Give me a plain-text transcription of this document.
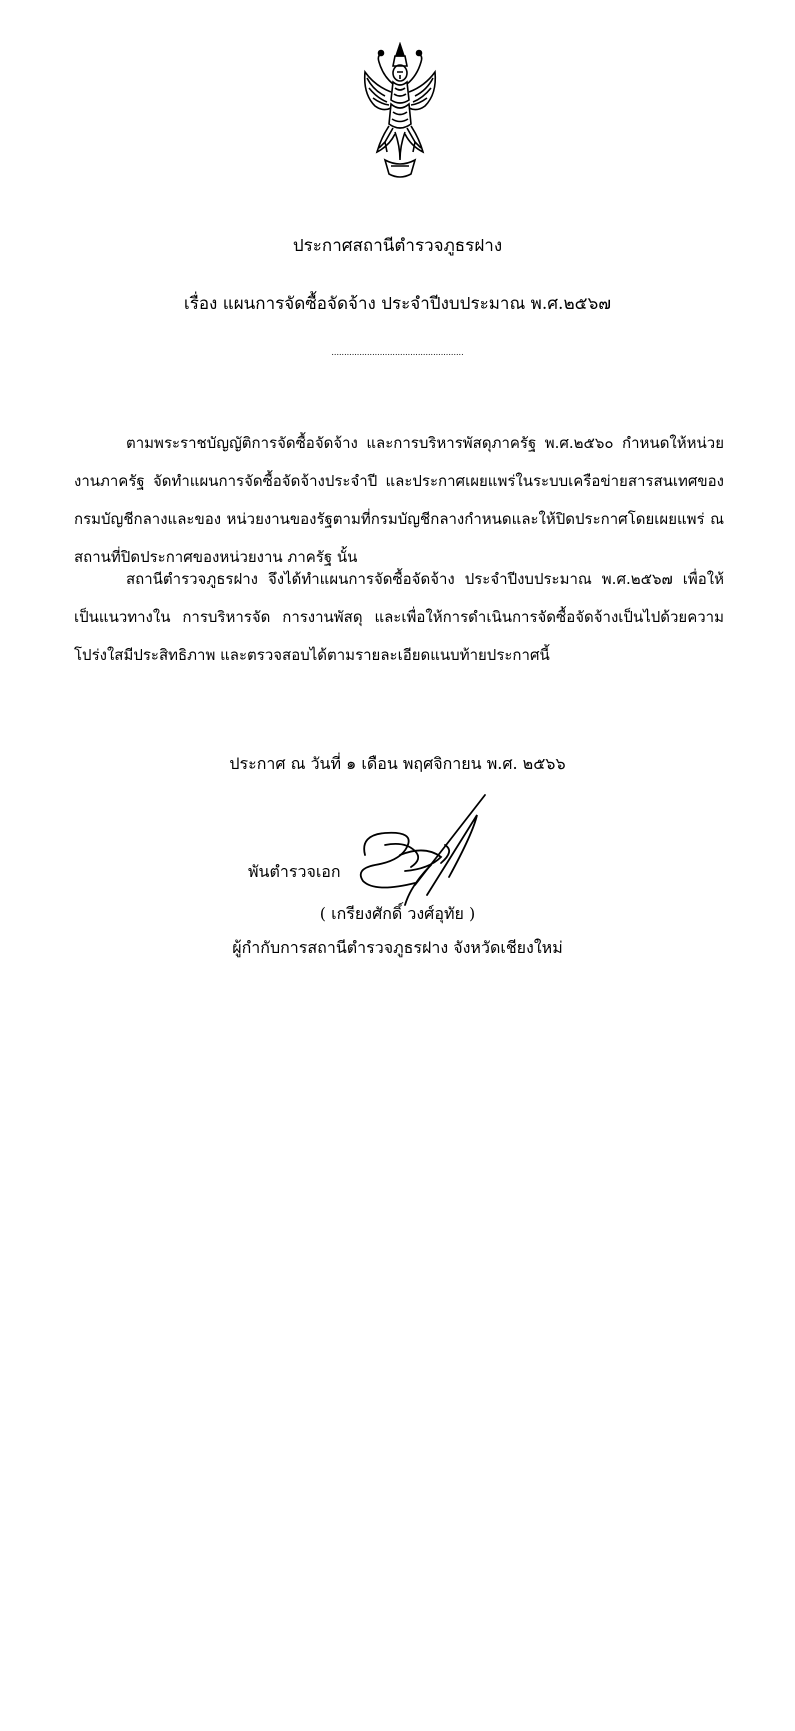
ประกาศสถานีตำรวจภูธรฝาง
เรื่อง แผนการจัดซื้อจัดจ้าง ประจำปีงบประมาณ พ.ศ.๒๕๖๗
....................................................
ตามพระราชบัญญัติการจัดซื้อจัดจ้าง และการบริหารพัสดุภาครัฐ พ.ศ.๒๕๖๐ กำหนดให้หน่วยงานภาครัฐ จัดทำแผนการจัดซื้อจัดจ้างประจำปี และประกาศเผยแพร่ในระบบเครือข่ายสารสนเทศของกรมบัญชีกลางและของ หน่วยงานของรัฐตามที่กรมบัญชีกลางกำหนดและให้ปิดประกาศโดยเผยแพร่ ณ สถานที่ปิดประกาศของหน่วยงาน ภาครัฐ นั้น
สถานีตำรวจภูธรฝาง จึงได้ทำแผนการจัดซื้อจัดจ้าง ประจำปีงบประมาณ พ.ศ.๒๕๖๗ เพื่อให้เป็นแนวทางใน การบริหารจัด การงานพัสดุ และเพื่อให้การดำเนินการจัดซื้อจัดจ้างเป็นไปด้วยความโปร่งใสมีประสิทธิภาพ และตรวจสอบได้ตามรายละเอียดแนบท้ายประกาศนี้
ประกาศ ณ วันที่ ๑ เดือน พฤศจิกายน พ.ศ. ๒๕๖๖
พันตำรวจเอก
( เกรียงศักดิ์ วงศ์อุทัย )
ผู้กำกับการสถานีตำรวจภูธรฝาง จังหวัดเชียงใหม่
